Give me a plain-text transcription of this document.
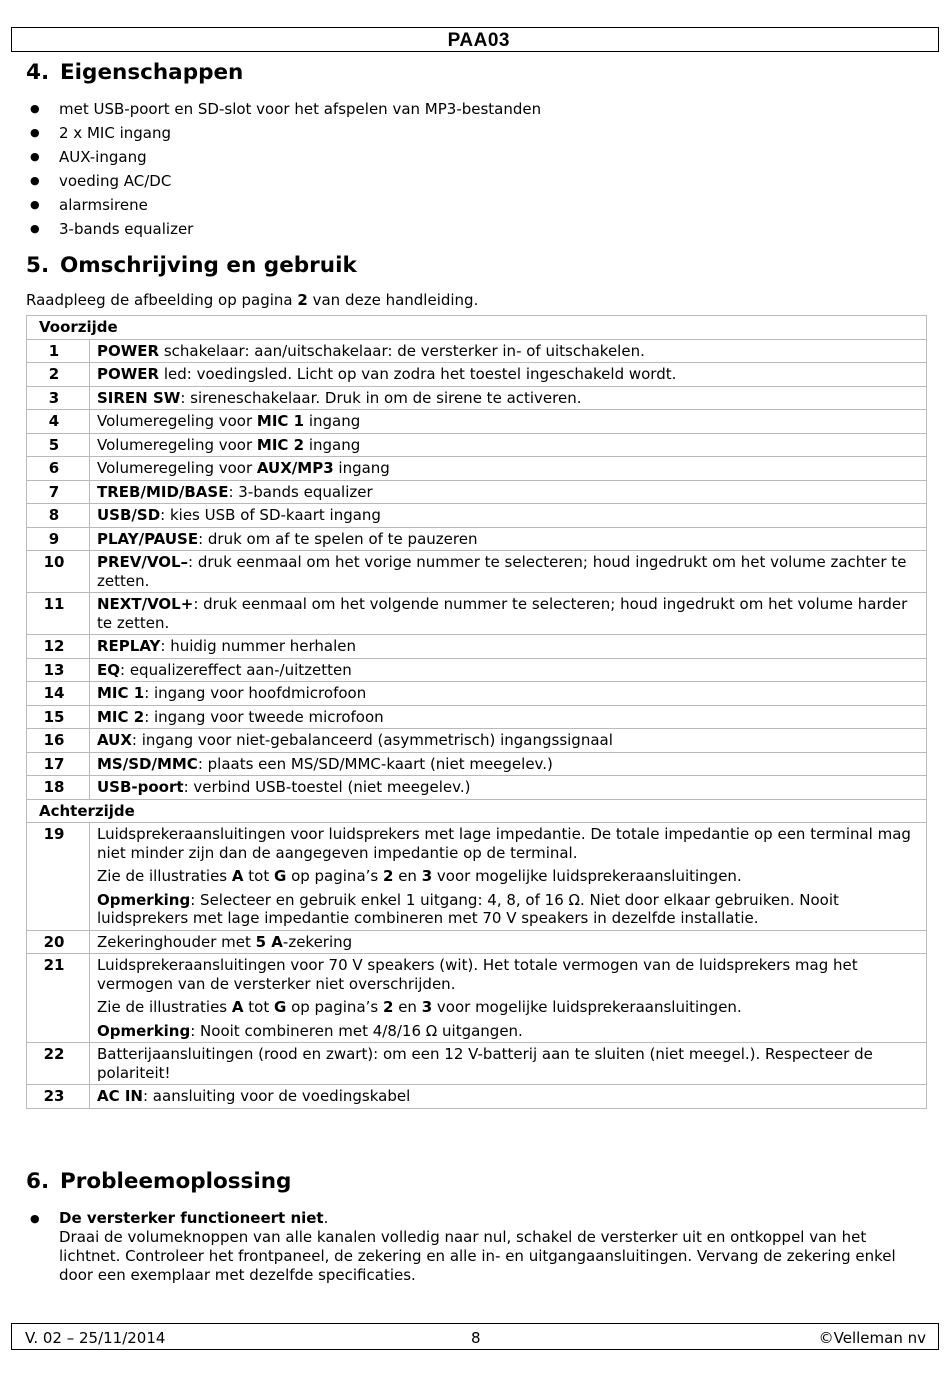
PAA03
4. Eigenschappen
● met USB-poort en SD-slot voor het afspelen van MP3-bestanden
● 2 x MIC ingang
● AUX-ingang
● voeding AC/DC
● alarmsirene
● 3-bands equalizer
5. Omschrijving en gebruik
Raadpleeg de afbeelding op pagina 2 van deze handleiding.
Voorzijde	
1	POWER schakelaar: aan/uitschakelaar: de versterker in- of uitschakelen.
2	POWER led: voedingsled. Licht op van zodra het toestel ingeschakeld wordt.
3	SIREN SW: sireneschakelaar. Druk in om de sirene te activeren.
4	Volumeregeling voor MIC 1 ingang
5	Volumeregeling voor MIC 2 ingang
6	Volumeregeling voor AUX/MP3 ingang
7	TREB/MID/BASE: 3-bands equalizer
8	USB/SD: kies USB of SD-kaart ingang
9	PLAY/PAUSE: druk om af te spelen of te pauzeren
10	PREV/VOL–: druk eenmaal om het vorige nummer te selecteren; houd ingedrukt om het volume zachter te zetten.
11	NEXT/VOL+: druk eenmaal om het volgende nummer te selecteren; houd ingedrukt om het volume harder te zetten.
12	REPLAY: huidig nummer herhalen
13	EQ: equalizereffect aan-/uitzetten
14	MIC 1: ingang voor hoofdmicrofoon
15	MIC 2: ingang voor tweede microfoon
16	AUX: ingang voor niet-gebalanceerd (asymmetrisch) ingangssignaal
17	MS/SD/MMC: plaats een MS/SD/MMC-kaart (niet meegelev.)
18	USB-poort: verbind USB-toestel (niet meegelev.)
Achterzijde	
19	Luidsprekeraansluitingen voor luidsprekers met lage impedantie. De totale impedantie op een terminal mag niet minder zijn dan de aangegeven impedantie op de terminal.

Zie de illustraties A tot G op pagina’s 2 en 3 voor mogelijke luidsprekeraansluitingen.

Opmerking: Selecteer en gebruik enkel 1 uitgang: 4, 8, of 16 Ω. Niet door elkaar gebruiken. Nooit luidsprekers met lage impedantie combineren met 70 V speakers in dezelfde installatie.

20	Zekeringhouder met 5 A-zekering
21	Luidsprekeraansluitingen voor 70 V speakers (wit). Het totale vermogen van de luidsprekers mag het vermogen van de versterker niet overschrijden.

Zie de illustraties A tot G op pagina’s 2 en 3 voor mogelijke luidsprekeraansluitingen.

Opmerking: Nooit combineren met 4/8/16 Ω uitgangen.

22	Batterijaansluitingen (rood en zwart): om een 12 V-batterij aan te sluiten (niet meegel.). Respecteer de polariteit!
23	AC IN: aansluiting voor de voedingskabel
6. Probleemoplossing
● De versterker functioneert niet.
Draai de volumeknoppen van alle kanalen volledig naar nul, schakel de versterker uit en ontkoppel van het lichtnet. Controleer het frontpaneel, de zekering en alle in- en uitgangaansluitingen. Vervang de zekering enkel door een exemplaar met dezelfde specificaties.
V. 02 – 25/11/2014	8	©Velleman nv
